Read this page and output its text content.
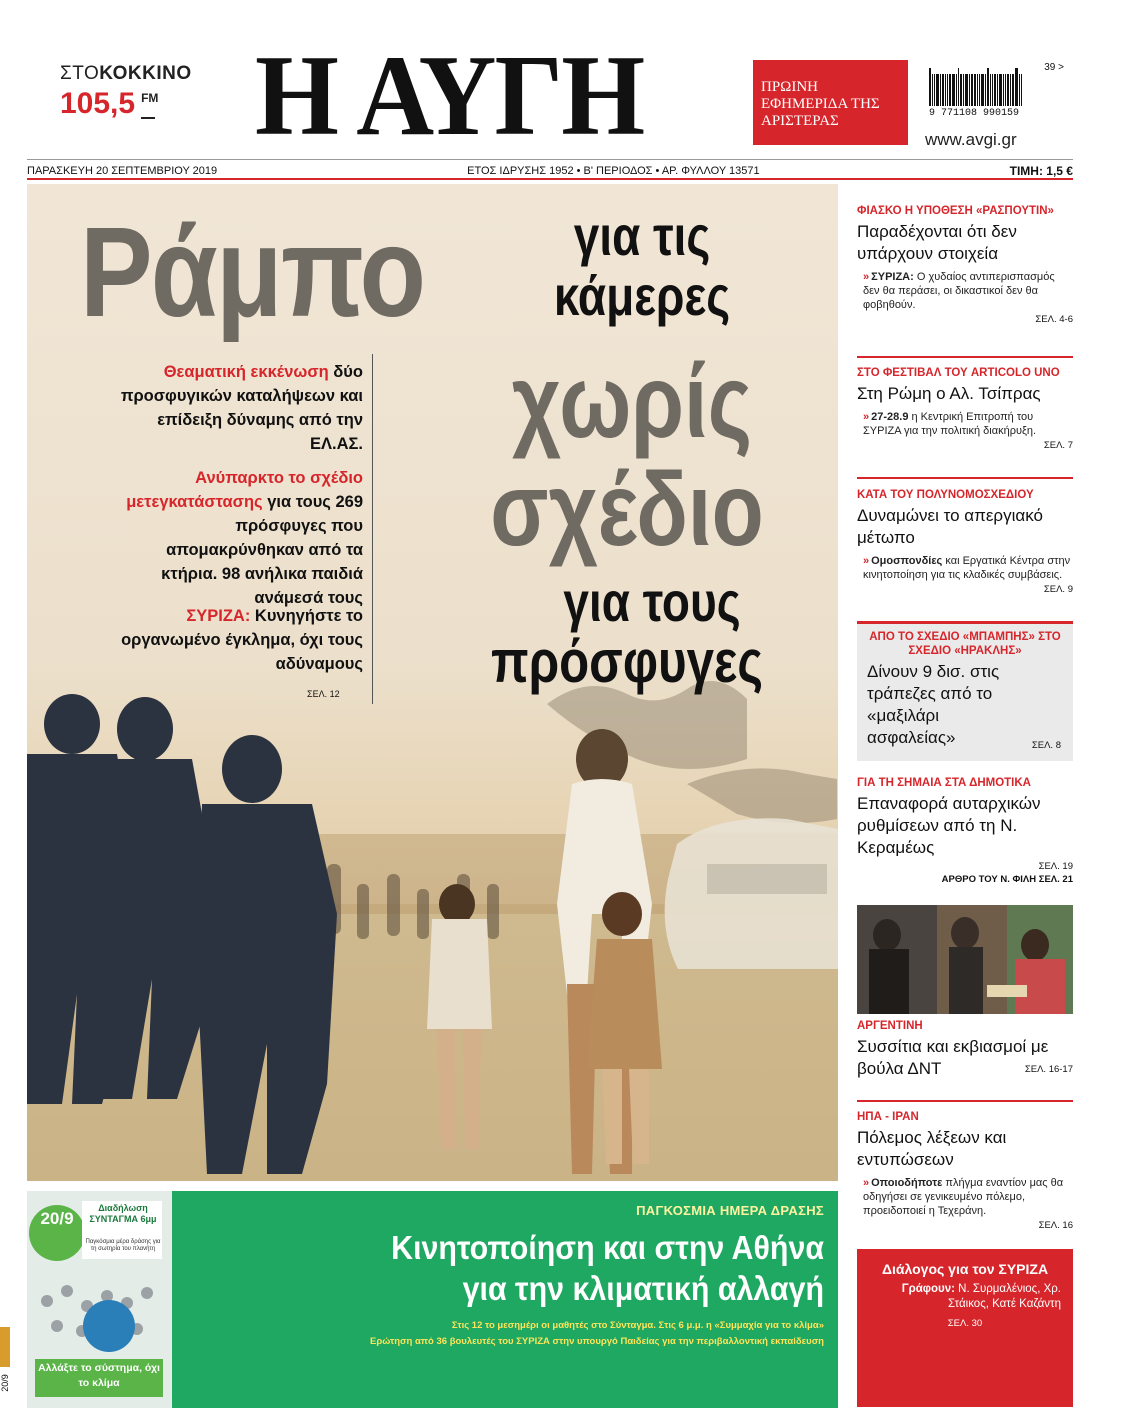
ΣΤΟΚΟΚΚΙΝΟ
105,5 FM Η ΑΥΓΗ	ΠΡΩΙΝΗ ΕΦΗΜΕΡΙΔΑ ΤΗΣ ΑΡΙΣΤΕΡΑΣ	9 771108 990159
39 >
www.avgi.gr
ΠΑΡΑΣΚΕΥΗ 20 ΣΕΠΤΕΜΒΡΙΟΥ 2019	ΕΤΟΣ ΙΔΡΥΣΗΣ 1952 • Β' ΠΕΡΙΟΔΟΣ • ΑΡ. ΦΥΛΛΟΥ 13571	ΤΙΜΗ: 1,5 €
Ράμπο	για τις
κάμερες
χωρίς
σχέδιο
για τους
πρόσφυγες
Θεαματική εκκένωση δύο προσφυγικών καταλήψεων και επίδειξη δύναμης από την ΕΛ.ΑΣ.
Ανύπαρκτο το σχέδιο μετεγκατάστασης για τους 269 πρόσφυγες που απομακρύνθηκαν από τα κτήρια. 98 ανήλικα παιδιά ανάμεσά τους
ΣΥΡΙΖΑ: Κυνηγήστε το οργανωμένο έγκλημα, όχι τους αδύναμους
ΣΕΛ. 12
ΦΙΑΣΚΟ Η ΥΠΟΘΕΣΗ «ΡΑΣΠΟΥΤΙΝ»
Παραδέχονται ότι δεν υπάρχουν στοιχεία
» ΣΥΡΙΖΑ: Ο χυδαίος αντιπερισπασμός δεν θα περάσει, οι δικαστικοί δεν θα φοβηθούν.
ΣΕΛ. 4-6
ΣΤΟ ΦΕΣΤΙΒΑΛ ΤΟΥ ARTICOLO UNO
Στη Ρώμη ο Αλ. Τσίπρας
» 27-28.9 η Κεντρική Επιτροπή του ΣΥΡΙΖΑ για την πολιτική διακήρυξη.
ΣΕΛ. 7
ΚΑΤΑ ΤΟΥ ΠΟΛΥΝΟΜΟΣΧΕΔΙΟΥ
Δυναμώνει το απεργιακό μέτωπο
» Ομοσπονδίες και Εργατικά Κέντρα στην κινητοποίηση για τις κλαδικές συμβάσεις.
ΣΕΛ. 9
ΑΠΟ ΤΟ ΣΧΕΔΙΟ «ΜΠΑΜΠΗΣ» ΣΤΟ ΣΧΕΔΙΟ «ΗΡΑΚΛΗΣ»
Δίνουν 9 δισ. στις τράπεζες από το «μαξιλάρι ασφαλείας»	ΣΕΛ. 8
ΓΙΑ ΤΗ ΣΗΜΑΙΑ ΣΤΑ ΔΗΜΟΤΙΚΑ
Επαναφορά αυταρχικών ρυθμίσεων από τη Ν. Κεραμέως
ΣΕΛ. 19
ΑΡΘΡΟ ΤΟΥ Ν. ΦΙΛΗ ΣΕΛ. 21
ΑΡΓΕΝΤΙΝΗ
Συσσίτια και εκβιασμοί με βούλα ΔΝΤ	ΣΕΛ. 16-17
ΗΠΑ - ΙΡΑΝ
Πόλεμος λέξεων και εντυπώσεων
» Οποιοδήποτε πλήγμα εναντίον μας θα οδηγήσει σε γενικευμένο πόλεμο, προειδοποιεί η Τεχεράνη.
ΣΕΛ. 16
Διάλογος για τον ΣΥΡΙΖΑ
Γράφουν: Ν. Συρμαλένιος, Χρ. Στάικος, Κατέ Καζάντη
ΣΕΛ. 30
20/9
Διαδήλωση ΣΥΝΤΑΓΜΑ 6μμ
Παγκόσμια μέρα δράσης για τη σωτηρία του πλανήτη
Αλλάξτε το σύστημα, όχι το κλίμα
ΠΑΓΚΟΣΜΙΑ ΗΜΕΡΑ ΔΡΑΣΗΣ
Κινητοποίηση και στην Αθήνα
για την κλιματική αλλαγή
Στις 12 το μεσημέρι οι μαθητές στο Σύνταγμα. Στις 6 μ.μ. η «Συμμαχία για το κλίμα»
Ερώτηση από 36 βουλευτές του ΣΥΡΙΖΑ στην υπουργό Παιδείας για την περιβαλλοντική εκπαίδευση
20/9
